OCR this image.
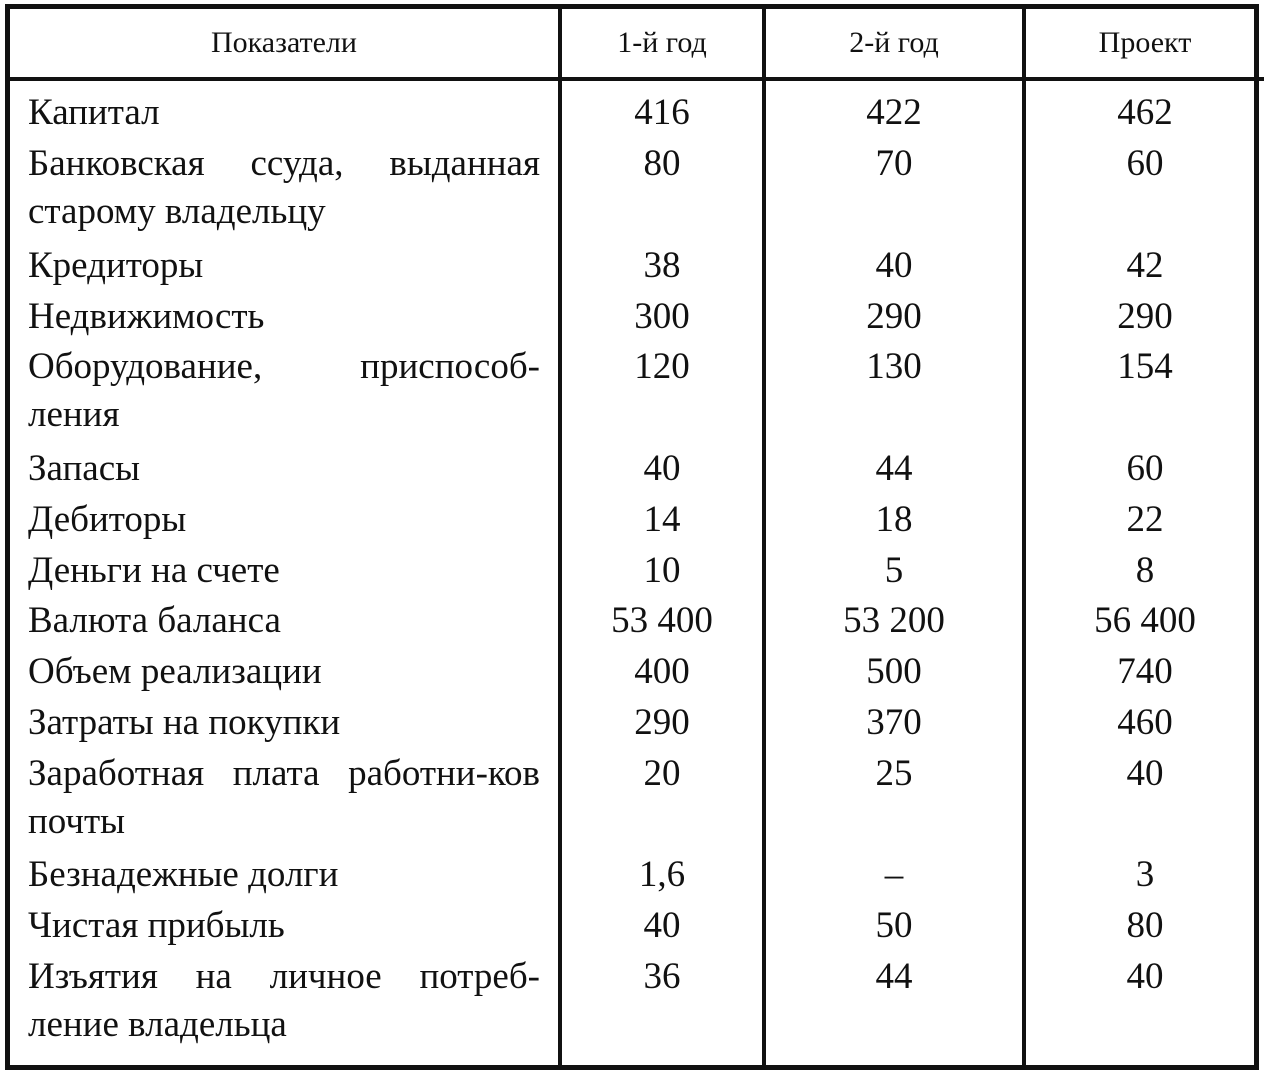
Показатели	1-й год	2-й год	Проект
Капитал	416	422	462
Банковская ссуда, выданная старому владельцу	80	70	60
Кредиторы	38	40	42
Недвижимость	300	290	290
Оборудование, приспособ-ления	120	130	154
Запасы	40	44	60
Дебиторы	14	18	22
Деньги на счете	10	5	8
Валюта баланса	53 400	53 200	56 400
Объем реализации	400	500	740
Затраты на покупки	290	370	460
Заработная плата работни-ков почты	20	25	40
Безнадежные долги	1,6	–	3
Чистая прибыль	40	50	80
Изъятия на личное потреб-ление владельца	36	44	40
